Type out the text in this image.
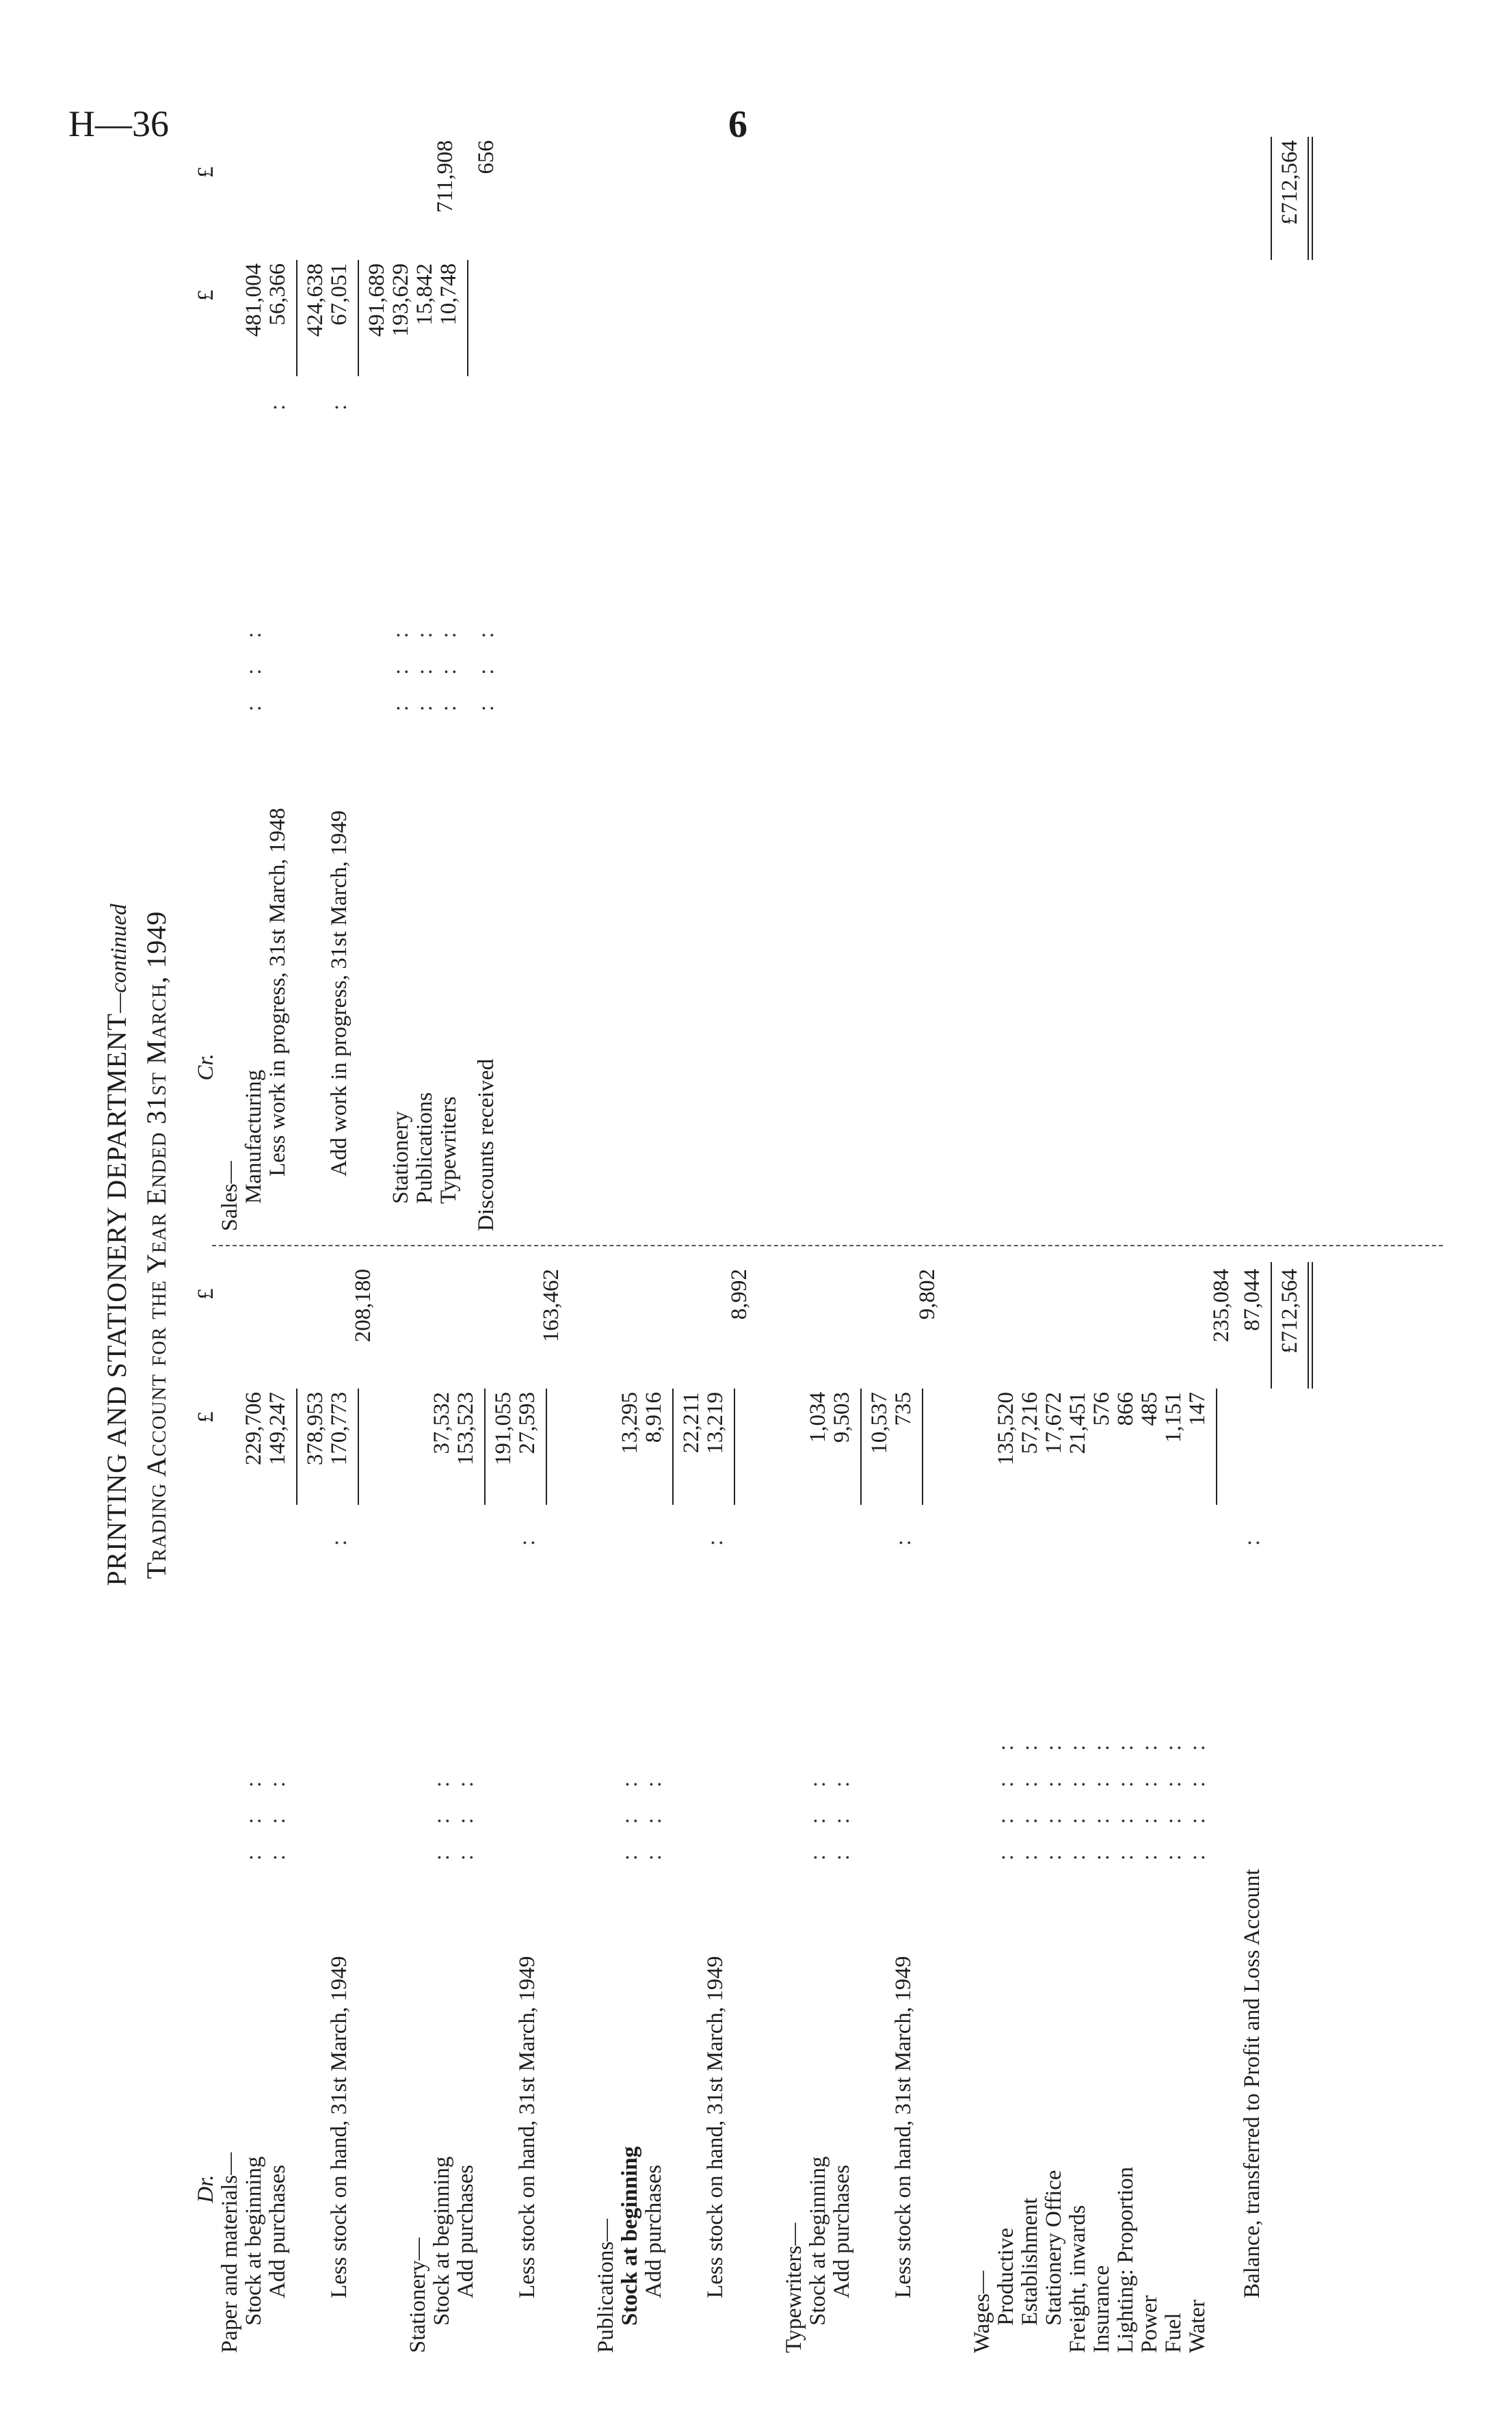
H—36	6
PRINTING AND STATIONERY DEPARTMENT—continued Trading Account for the Year Ended 31st March, 1949
Dr.
£
£
Paper and materials— Stock at beginning
: : :
229,706
Add purchases
: : :
149,247 378,953
Less stock on hand, 31st March, 1949
:
170,773
208,180
Stationery— Stock at beginning
: : :
37,532
Add purchases
: : :
153,523 191,055
Less stock on hand, 31st March, 1949
:
27,593
163,462
Publications— Stock at beginning
: : :
13,295
Add purchases
: : :
8,916 22,211
Less stock on hand, 31st March, 1949
:
13,219
8,992
Typewriters— Stock at beginning
: : :
1,034
Add purchases
: : :
9,503 10,537
Less stock on hand, 31st March, 1949
:
735
9,802
Wages— Productive
: : : :
135,520
Establishment
: : : :
57,216
Stationery Office
: : : :
17,672
Freight, inwards
: : : :
21,451
Insurance
: : : :
576
Lighting: Proportion
: : : :
866
Power
: : : :
485
Fuel
: : : :
1,151
Water
: : : :
147
235,084
Balance, transferred to Profit and Loss Account
:
87,044 £712,564
Cr.
£
£
Sales— Manufacturing
: : :
481,004
Less work in progress, 31st March, 1948
:
56,366 424,638
Add work in progress, 31st March, 1949
:
67,051 491,689
Stationery
: : :
193,629
Publications
: : :
15,842
Typewriters
: : :
10,748
711,908
Discounts received
: : :
656	£712,564
